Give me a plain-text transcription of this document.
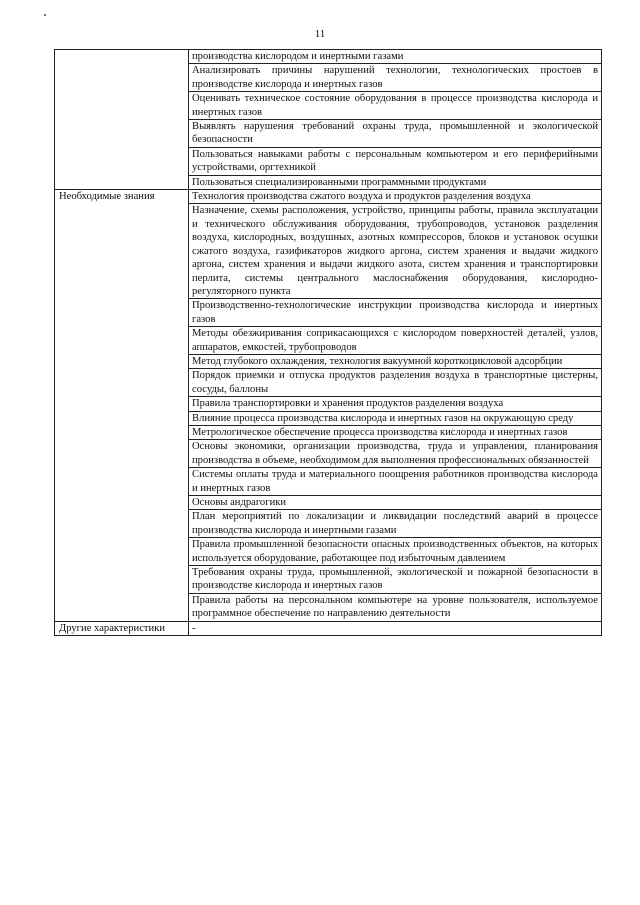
11
	производства кислородом и инертными газами
	Анализировать причины нарушений технологии, технологических простоев в производстве кислорода и инертных газов
	Оценивать техническое состояние оборудования в процессе производства кислорода и инертных газов
	Выявлять нарушения требований охраны труда, промышленной и экологической безопасности
	Пользоваться навыками работы с персональным компьютером и его периферийными устройствами, оргтехникой
	Пользоваться специализированными программными продуктами
Необходимые знания	Технология производства сжатого воздуха и продуктов разделения воздуха
	Назначение, схемы расположения, устройство, принципы работы, правила эксплуатации и технического обслуживания оборудования, трубопроводов, установок разделения воздуха, кислородных, воздушных, азотных компрессоров, блоков и установок осушки сжатого воздуха, газификаторов жидкого аргона, систем хранения и выдачи жидкого аргона, систем хранения и выдачи жидкого азота, систем хранения и транспортировки перлита, системы центрального маслоснабжения оборудования, кислородно-регуляторного пункта
	Производственно-технологические инструкции производства кислорода и инертных газов
	Методы обезжиривания соприкасающихся с кислородом поверхностей деталей, узлов, аппаратов, емкостей, трубопроводов
	Метод глубокого охлаждения, технология вакуумной короткоцикловой адсорбции
	Порядок приемки и отпуска продуктов разделения воздуха в транспортные цистерны, сосуды, баллоны
	Правила транспортировки и хранения продуктов разделения воздуха
	Влияние процесса производства кислорода и инертных газов на окружающую среду
	Метрологическое обеспечение процесса производства кислорода и инертных газов
	Основы экономики, организации производства, труда и управления, планирования производства в объеме, необходимом для выполнения профессиональных обязанностей
	Системы оплаты труда и материального поощрения работников производства кислорода и инертных газов
	Основы андрагогики
	План мероприятий по локализации и ликвидации последствий аварий в процессе производства кислорода и инертными газами
	Правила промышленной безопасности опасных производственных объектов, на которых используется оборудование, работающее под избыточным давлением
	Требования охраны труда, промышленной, экологической и пожарной безопасности в производстве кислорода и инертных газов
	Правила работы на персональном компьютере на уровне пользователя, используемое программное обеспечение по направлению деятельности
Другие характеристики	-
